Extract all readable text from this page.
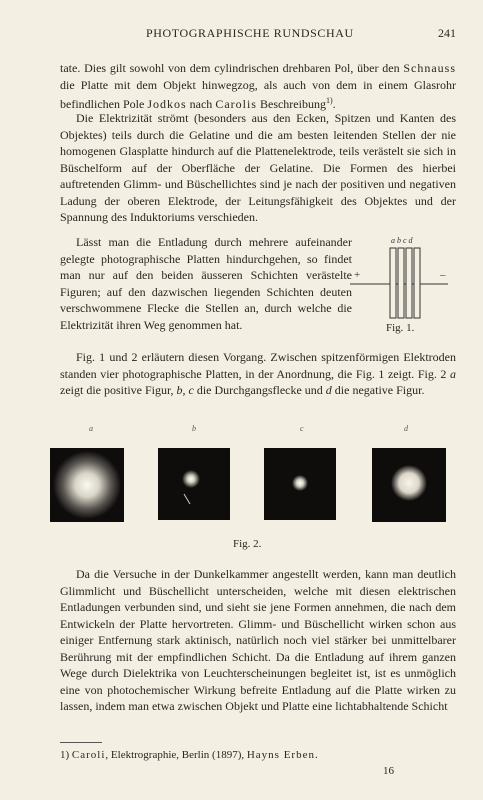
PHOTOGRAPHISCHE RUNDSCHAU	241

tate. Dies gilt sowohl von dem cylindrischen drehbaren Pol, über den Schnauss die Platte mit dem Objekt hinwegzog, als auch von dem in einem Glasrohr befindlichen Pole Jodkos nach Carolis Beschreibung$^{1)}$.

Die Elektrizität strömt (besonders aus den Ecken, Spitzen und Kanten des Objektes) teils durch die Gelatine und die am besten leitenden Stellen der nie homogenen Glasplatte hindurch auf die Plattenelektrode, teils verästelt sie sich in Büschelform auf der Oberfläche der Gelatine. Die Formen des hierbei auftretenden Glimm- und Büschellichtes sind je nach der positiven und negativen Ladung der oberen Elektrode, der Leitungsfähigkeit des Objektes und der Spannung des Induktoriums verschieden.

Lässt man die Entladung durch mehrere aufeinander gelegte photographische Platten hindurchgehen, so findet man nur auf den beiden äusseren Schichten verästelte Figuren; auf den dazwischen liegenden Schichten deuten verschwommene Flecke die Stellen an, durch welche die Elektrizität ihren Weg genommen hat.

a b c d
+	–
Fig. 1.

Fig. 1 und 2 erläutern diesen Vorgang. Zwischen spitzenförmigen Elektroden standen vier photographische Platten, in der Anordnung, die Fig. 1 zeigt. Fig. 2 a zeigt die positive Figur, b, c die Durchgangsflecke und d die negative Figur.

a	b	c	d
Fig. 2.

Da die Versuche in der Dunkelkammer angestellt werden, kann man deutlich Glimmlicht und Büschellicht unterscheiden, welche mit diesen elektrischen Entladungen verbunden sind, und sieht sie jene Formen annehmen, die nach dem Entwickeln der Platte hervortreten. Glimm- und Büschellicht wirken schon aus einiger Entfernung stark aktinisch, natürlich noch viel stärker bei unmittelbarer Berührung mit der empfindlichen Schicht. Da die Entladung auf ihrem ganzen Wege durch Dielektrika von Leuchterscheinungen begleitet ist, ist es unmöglich eine von photochemischer Wirkung befreite Entladung auf die Platte wirken zu lassen, indem man etwa zwischen Objekt und Platte eine lichtabhaltende Schicht

1) Caroli, Elektrographie, Berlin (1897), Hayns Erben.
16
